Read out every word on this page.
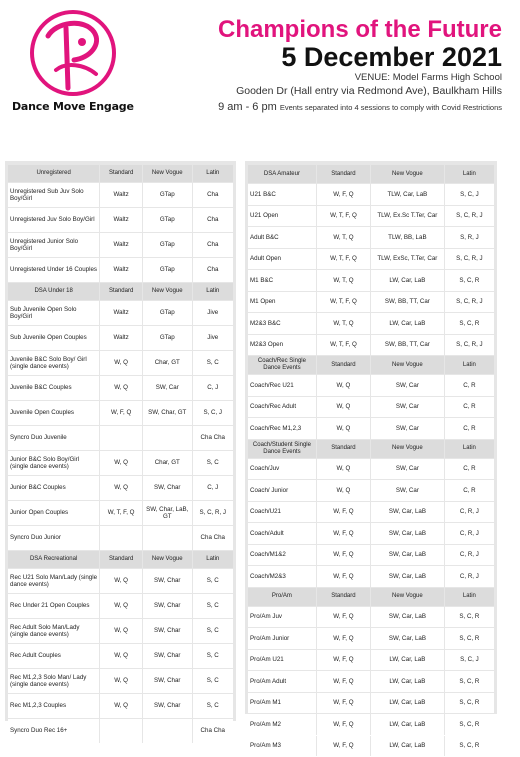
Dance Move Engage
Champions of the Future
5 December 2021
VENUE: Model Farms High School
Gooden Dr (Hall entry via Redmond Ave), Baulkham Hills
9 am - 6 pm Events separated into 4 sessions to comply with Covid Restrictions
Unregistered	Standard	New Vogue	Latin
Unregistered Sub Juv Solo Boy/Girl	Waltz	GTap	Cha
Unregistered Juv Solo Boy/Girl	Waltz	GTap	Cha
Unregistered Junior Solo Boy/Girl	Waltz	GTap	Cha
Unregistered Under 16 Couples	Waltz	GTap	Cha
DSA Under 18	Standard	New Vogue	Latin
Sub Juvenile Open Solo Boy/Girl	Waltz	GTap	Jive
Sub Juvenile Open Couples	Waltz	GTap	Jive
Juvenile B&C Solo Boy/ Girl (single dance events)	W, Q	Char, GT	S, C
Juvenile B&C Couples	W, Q	SW, Car	C, J
Juvenile Open Couples	W, F, Q	SW, Char, GT	S, C, J
Syncro Duo Juvenile			Cha Cha
Junior B&C Solo Boy/Girl (single dance events)	W, Q	Char, GT	S, C
Junior B&C Couples	W, Q	SW, Char	C, J
Junior Open Couples	W, T, F, Q	SW, Char, LaB, GT	S, C, R, J
Syncro Duo Junior			Cha Cha
DSA Recreational	Standard	New Vogue	Latin
Rec U21 Solo Man/Lady (single dance events)	W, Q	SW, Char	S, C
Rec Under 21 Open Couples	W, Q	SW, Char	S, C
Rec Adult Solo Man/Lady (single dance events)	W, Q	SW, Char	S, C
Rec Adult Couples	W, Q	SW, Char	S, C
Rec M1,2,3 Solo Man/ Lady (single dance events)	W, Q	SW, Char	S, C
Rec M1,2,3 Couples	W, Q	SW, Char	S, C
Syncro Duo Rec 16+			Cha Cha
DSA Amateur	Standard	New Vogue	Latin
U21 B&C	W, F, Q	TLW, Car, LaB	S, C, J
U21 Open	W, T, F, Q	TLW, Ex.Sc T.Ter, Car	S, C, R, J
Adult B&C	W, T, Q	TLW, BB, LaB	S, R, J
Adult Open	W, T, F, Q	TLW, ExSc, T.Ter, Car	S, C, R, J
M1 B&C	W, T, Q	LW, Car, LaB	S, C, R
M1 Open	W, T, F, Q	SW, BB, TT, Car	S, C, R, J
M2&3 B&C	W, T, Q	LW, Car, LaB	S, C, R
M2&3 Open	W, T, F, Q	SW, BB, TT, Car	S, C, R, J
Coach/Rec Single Dance Events	Standard	New Vogue	Latin
Coach/Rec U21	W, Q	SW, Car	C, R
Coach/Rec Adult	W, Q	SW, Car	C, R
Coach/Rec M1,2,3	W, Q	SW, Car	C, R
Coach/Student Single Dance Events	Standard	New Vogue	Latin
Coach/Juv	W, Q	SW, Car	C, R
Coach/ Junior	W, Q	SW, Car	C, R
Coach/U21	W, F, Q	SW, Car, LaB	C, R, J
Coach/Adult	W, F, Q	SW, Car, LaB	C, R, J
Coach/M1&2	W, F, Q	SW, Car, LaB	C, R, J
Coach/M2&3	W, F, Q	SW, Car, LaB	C, R, J
Pro/Am	Standard	New Vogue	Latin
Pro/Am Juv	W, F, Q	SW, Car, LaB	S, C, R
Pro/Am Junior	W, F, Q	SW, Car, LaB	S, C, R
Pro/Am U21	W, F, Q	LW, Car, LaB	S, C, J
Pro/Am Adult	W, F, Q	LW, Car, LaB	S, C, R
Pro/Am M1	W, F, Q	LW, Car, LaB	S, C, R
Pro/Am M2	W, F, Q	LW, Car, LaB	S, C, R
Pro/Am M3	W, F, Q	LW, Car, LaB	S, C, R
